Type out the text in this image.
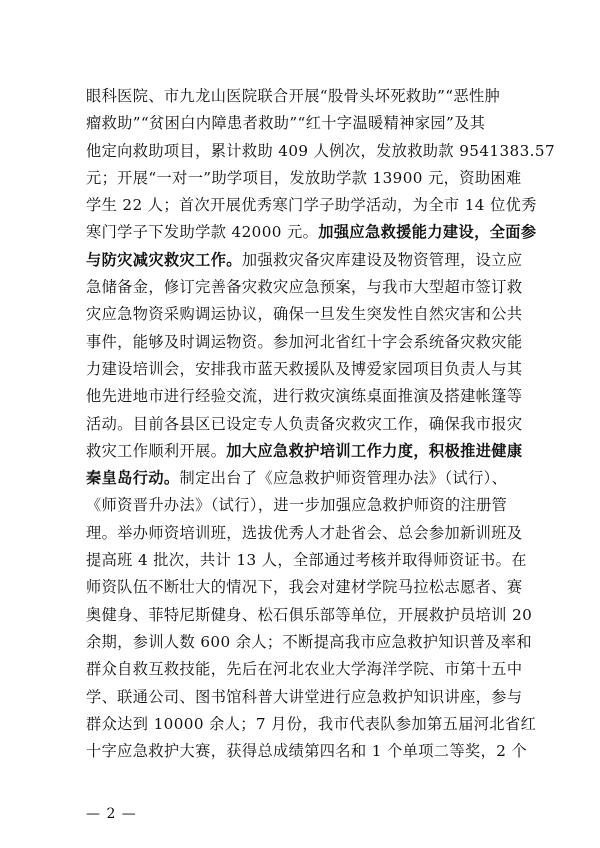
眼科医院、市九龙山医院联合开展“股骨头坏死救助”“恶性肿
瘤救助”“贫困白内障患者救助”“红十字温暖精神家园”及其
他定向救助项目，累计救助 409 人例次，发放救助款 9541383.57
元；开展“一对一”助学项目，发放助学款 13900 元，资助困难
学生 22 人；首次开展优秀寒门学子助学活动，为全市 14 位优秀
寒门学子下发助学款 42000 元。加强应急救援能力建设，全面参
与防灾减灾救灾工作。加强救灾备灾库建设及物资管理，设立应
急储备金，修订完善备灾救灾应急预案，与我市大型超市签订救
灾应急物资采购调运协议，确保一旦发生突发性自然灾害和公共
事件，能够及时调运物资。参加河北省红十字会系统备灾救灾能
力建设培训会，安排我市蓝天救援队及博爱家园项目负责人与其
他先进地市进行经验交流，进行救灾演练桌面推演及搭建帐篷等
活动。目前各县区已设定专人负责备灾救灾工作，确保我市报灾
救灾工作顺利开展。加大应急救护培训工作力度，积极推进健康
秦皇岛行动。制定出台了《应急救护师资管理办法》（试行）、
《师资晋升办法》（试行），进一步加强应急救护师资的注册管
理。举办师资培训班，选拔优秀人才赴省会、总会参加新训班及
提高班 4 批次，共计 13 人，全部通过考核并取得师资证书。在
师资队伍不断壮大的情况下，我会对建材学院马拉松志愿者、赛
奥健身、菲特尼斯健身、松石俱乐部等单位，开展救护员培训 20
余期，参训人数 600 余人；不断提高我市应急救护知识普及率和
群众自救互救技能，先后在河北农业大学海洋学院、市第十五中
学、联通公司、图书馆科普大讲堂进行应急救护知识讲座，参与
群众达到 10000 余人；7 月份，我市代表队参加第五届河北省红
十字应急救护大赛，获得总成绩第四名和 1 个单项二等奖，2 个
— 2 —
